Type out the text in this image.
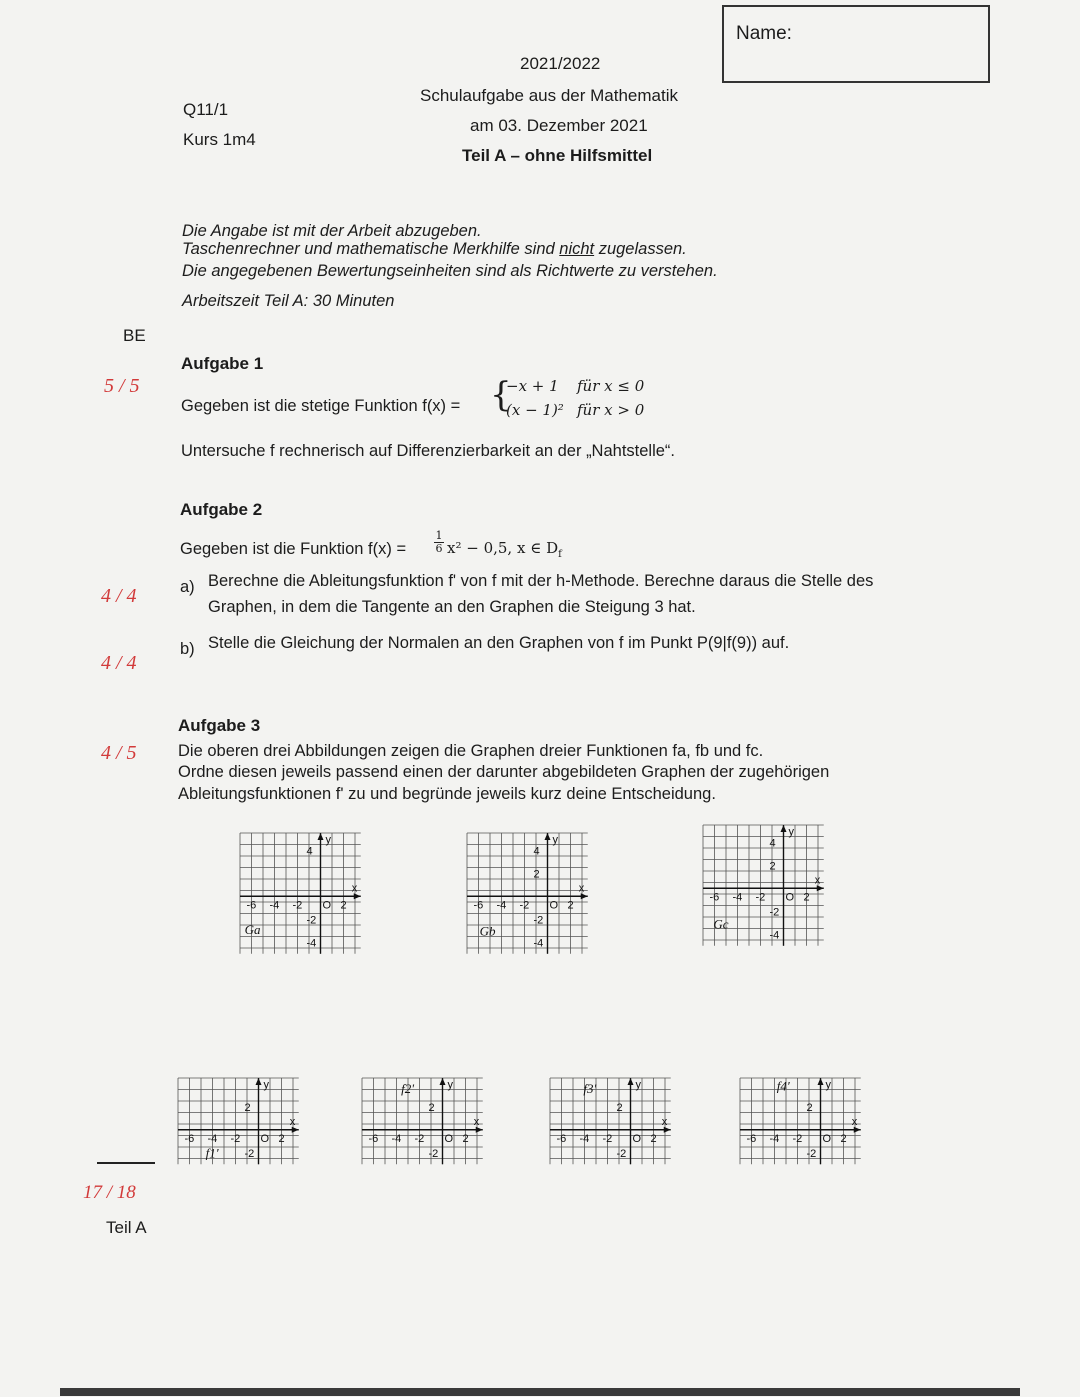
Name:
2021/2022
Schulaufgabe aus der Mathematik
am 03. Dezember 2021
Teil A – ohne Hilfsmittel
Q11/1
Kurs 1m4
Die Angabe ist mit der Arbeit abzugeben.
Taschenrechner und mathematische Merkhilfe sind nicht zugelassen.
Die angegebenen Bewertungseinheiten sind als Richtwerte zu verstehen.
Arbeitszeit Teil A: 30 Minuten
BE
5 / 5
4 / 4
4 / 4
4 / 5
17 / 18
Teil A
Aufgabe 1
Gegeben ist die stetige Funktion f(x) = {
−x + 1 für x ≤ 0
(x − 1)² für x > 0
Untersuche f rechnerisch auf Differenzierbarkeit an der „Nahtstelle“.
Aufgabe 2
Gegeben ist die Funktion f(x) =	$\frac{1}{6} x^2 - 0,5$, x ∈ $D_f$
a) Berechne die Ableitungsfunktion f' von f mit der h-Methode. Berechne daraus die Stelle des
Graphen, in dem die Tangente an den Graphen die Steigung 3 hat.
b) Stelle die Gleichung der Normalen an den Graphen von f im Punkt P(9|f(9)) auf.
Aufgabe 3
Die oberen drei Abbildungen zeigen die Graphen dreier Funktionen fa, fb und fc.
Ordne diesen jeweils passend einen der darunter abgebildeten Graphen der zugehörigen
Ableitungsfunktionen f' zu und begründe jeweils kurz deine Entscheidung.
-6 -4 -2 O 2
x
y
4
-2
-4
Ga
-6 -4 -2 O 2
x
y
4
2
-2
-4
Gb
-6 -4 -2 O 2
x
y
4
2
-2
-4
Gc
-6 -4 -2 O 2
x
y
2
-2
f1'
-6 -4 -2 O 2
x
y
2
-2
f2'
-6 -4 -2 O 2
x
y
2
-2
f3'
-6 -4 -2 O 2
x
y
2
-2
f4'
